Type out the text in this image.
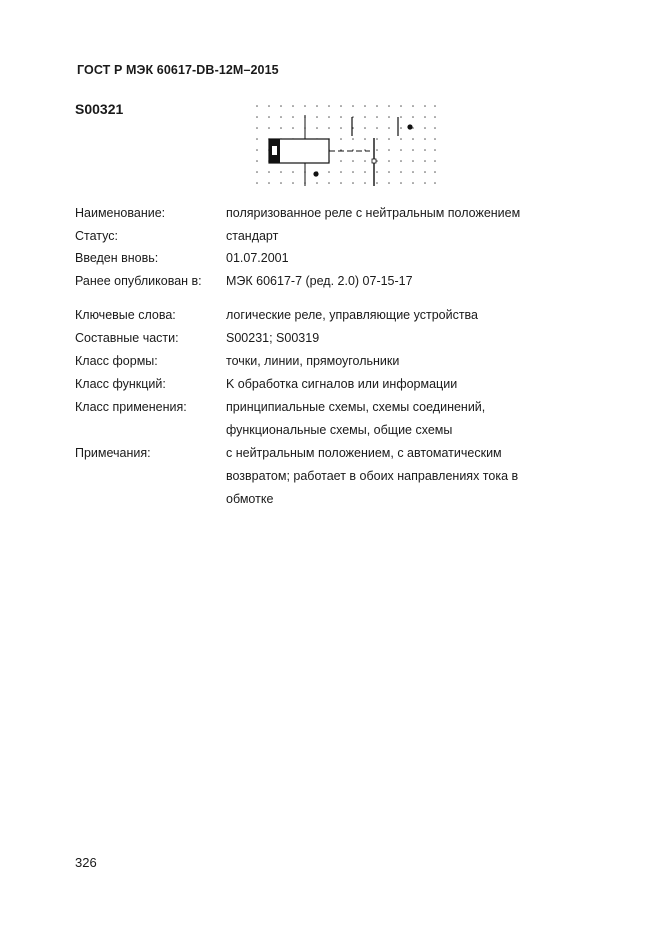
ГОСТ Р МЭК 60617-DB-12M–2015
S00321
Наименование:	поляризованное реле с нейтральным положением
Статус:	стандарт
Введен вновь:	01.07.2001
Ранее опубликован в: МЭК 60617-7 (ред. 2.0) 07-15-17
Ключевые слова:	логические реле, управляющие устройства
Составные части:	S00231; S00319
Класс формы:	точки, линии, прямоугольники
Класс функций:	K обработка сигналов или информации
Класс применения:	принципиальные схемы, схемы соединений,
функциональные схемы, общие схемы
Примечания:	с нейтральным положением, с автоматическим
возвратом; работает в обоих направлениях тока в
обмотке
326
